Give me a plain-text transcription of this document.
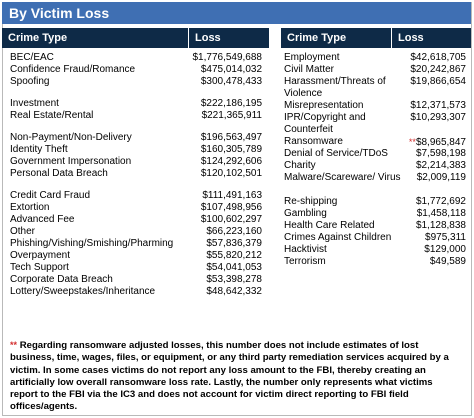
By Victim Loss
Crime Type	Loss	Crime Type	Loss
BEC/EAC	$1,776,549,688
Confidence Fraud/Romance	$475,014,032
Spoofing	$300,478,433
Investment	$222,186,195
Real Estate/Rental	$221,365,911
Non-Payment/Non-Delivery	$196,563,497
Identity Theft	$160,305,789
Government Impersonation	$124,292,606
Personal Data Breach	$120,102,501
Credit Card Fraud	$111,491,163
Extortion	$107,498,956
Advanced Fee	$100,602,297
Other	$66,223,160
Phishing/Vishing/Smishing/Pharming	$57,836,379
Overpayment	$55,820,212
Tech Support	$54,041,053
Corporate Data Breach	$53,398,278
Lottery/Sweepstakes/Inheritance	$48,642,332
Employment	$42,618,705
Civil Matter	$20,242,867
Harassment/Threats of Violence
$19,866,654
Misrepresentation	$12,371,573
IPR/Copyright and Counterfeit
$10,293,307
Ransomware	**$8,965,847
Denial of Service/TDoS	$7,598,198
Charity	$2,214,383
Malware/Scareware/ Virus $2,009,119
Re-shipping	$1,772,692
Gambling	$1,458,118
Health Care Related	$1,128,838
Crimes Against Children	$975,311
Hacktivist	$129,000
Terrorism	$49,589
** Regarding ransomware adjusted losses, this number does not include estimates of lost business, time, wages, files, or equipment, or any third party remediation services acquired by a victim. In some cases victims do not report any loss amount to the FBI, thereby creating an artificially low overall ransomware loss rate. Lastly, the number only represents what victims report to the FBI via the IC3 and does not account for victim direct reporting to FBI field offices/agents.
